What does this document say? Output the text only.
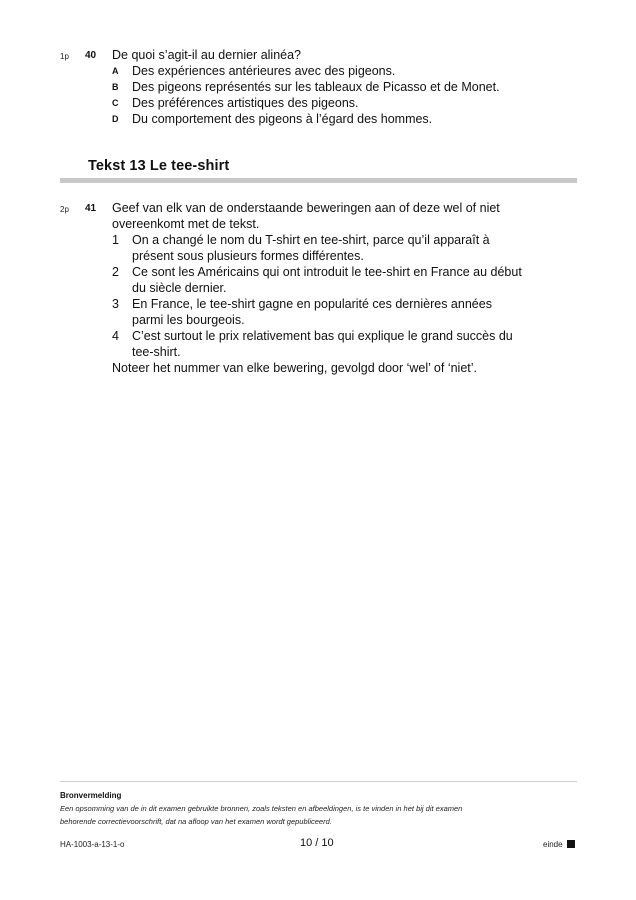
1p 40 De quoi s’agit-il au dernier alinéa?
A Des expériences antérieures avec des pigeons.
B Des pigeons représentés sur les tableaux de Picasso et de Monet.
C Des préférences artistiques des pigeons.
D Du comportement des pigeons à l’égard des hommes.
Tekst 13 Le tee-shirt
2p 41 Geef van elk van de onderstaande beweringen aan of deze wel of niet
overeenkomt met de tekst.
1 On a changé le nom du T-shirt en tee-shirt, parce qu’il apparaît à
présent sous plusieurs formes différentes.
2 Ce sont les Américains qui ont introduit le tee-shirt en France au début
du siècle dernier.
3 En France, le tee-shirt gagne en popularité ces dernières années
parmi les bourgeois.
4 C’est surtout le prix relativement bas qui explique le grand succès du
tee-shirt.
Noteer het nummer van elke bewering, gevolgd door ‘wel’ of ‘niet’.
Bronvermelding
Een opsomming van de in dit examen gebruikte bronnen, zoals teksten en afbeeldingen, is te vinden in het bij dit examen
behorende correctievoorschrift, dat na afloop van het examen wordt gepubliceerd.
HA-1003-a-13-1-o	10 / 10	einde
